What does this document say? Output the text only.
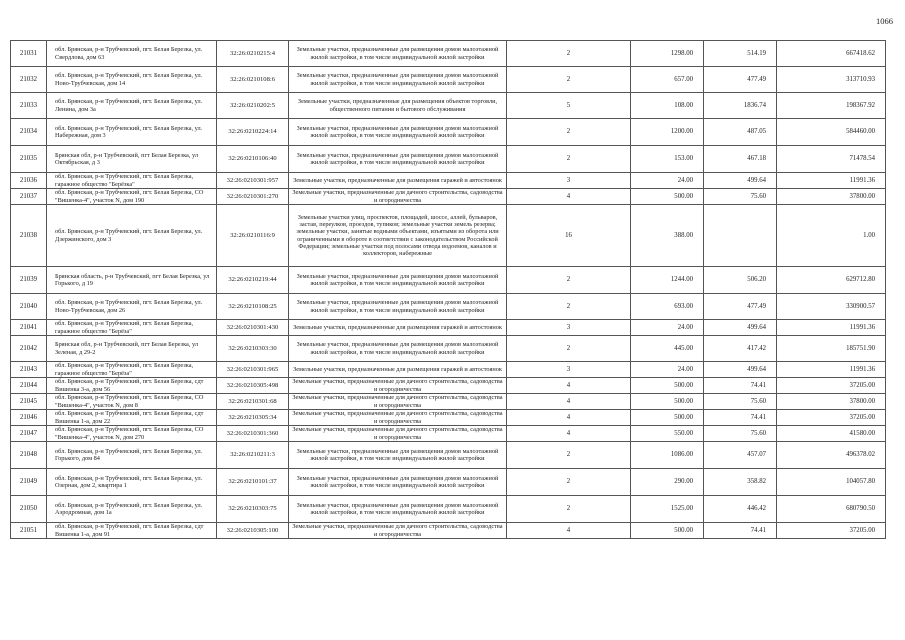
1066
21031	обл. Брянская, р-н Трубчевский, пгт. Белая Березка, ул. Свердлова, дом 63	32:26:0210215:4	Земельные участки, предназначенные для размещения домов малоэтажной жилой застройки, в том числе индивидуальной жилой застройки	2	1298.00	514.19	667418.62
21032	обл. Брянская, р-н Трубчевский, пгт. Белая Березка, ул. Ново-Трубчевская, дом 14	32:26:0210108:6	Земельные участки, предназначенные для размещения домов малоэтажной жилой застройки, в том числе индивидуальной жилой застройки	2	657.00	477.49	313710.93
21033	обл. Брянская, р-н Трубчевский, пгт. Белая Березка, ул. Ленина, дом 3а	32:26:0210202:5	Земельные участки, предназначенные для размещения объектов торговли, общественного питания и бытового обслуживания	5	108.00	1836.74	198367.92
21034	обл. Брянская, р-н Трубчевский, пгт. Белая Березка, ул. Набережная, дом 3	32:26:0210224:14	Земельные участки, предназначенные для размещения домов малоэтажной жилой застройки, в том числе индивидуальной жилой застройки	2	1200.00	487.05	584460.00
21035	Брянская обл, р-н Трубчевский, пгт Белая Березка, ул Октябрьская, д 3	32:26:0210106:40	Земельные участки, предназначенные для размещения домов малоэтажной жилой застройки, в том числе индивидуальной жилой застройки	2	153.00	467.18	71478.54
21036	обл. Брянская, р-н Трубчевский, пгт. Белая Березка, гаражное общество "Берёзка"	32:26:0210301:957	Земельные участки, предназначенные для размещения гаражей и автостоянок	3	24.00	499.64	11991.36
21037	обл. Брянская, р-н Трубчевский, пгт. Белая Березка, СО "Вишенка-4", участок N, дом 190	32:26:0210301:270	Земельные участки, предназначенные для дачного строительства, садоводства и огородничества	4	500.00	75.60	37800.00
21038	обл. Брянская, р-н Трубчевский, пгт. Белая Березка, ул. Дзержинского, дом 3	32:26:0210116:9	Земельные участки улиц, проспектов, площадей, шоссе, аллей, бульваров, застав, переулков, проездов, тупиков; земельные участки земель резерва; земельные участки, занятые водными объектами, изъятыми из оборота или ограниченными в обороте в соответствии с законодательством Российской Федерации; земельные участки под полосами отвода водоемов, каналов и коллекторов, набережные	16	388.00		1.00
21039	Брянская область, р-н Трубчевский, пгт Белая Березка, ул Горького, д 19	32:26:0210219:44	Земельные участки, предназначенные для размещения домов малоэтажной жилой застройки, в том числе индивидуальной жилой застройки	2	1244.00	506.20	629712.80
21040	обл. Брянская, р-н Трубчевский, пгт. Белая Березка, ул. Ново-Трубчевская, дом 26	32:26:0210108:25	Земельные участки, предназначенные для размещения домов малоэтажной жилой застройки, в том числе индивидуальной жилой застройки	2	693.00	477.49	330900.57
21041	обл. Брянская, р-н Трубчевский, пгт. Белая Березка, гаражное общество "Берёза"	32:26:0210301:430	Земельные участки, предназначенные для размещения гаражей и автостоянок	3	24.00	499.64	11991.36
21042	Брянская обл, р-н Трубчевский, пгт Белая Березка, ул Зеленая, д 29-2	32:26:0210303:30	Земельные участки, предназначенные для размещения домов малоэтажной жилой застройки, в том числе индивидуальной жилой застройки	2	445.00	417.42	185751.90
21043	обл. Брянская, р-н Трубчевский, пгт. Белая Березка, гаражное общество "Берёза"	32:26:0210301:965	Земельные участки, предназначенные для размещения гаражей и автостоянок	3	24.00	499.64	11991.36
21044	обл. Брянская, р-н Трубчевский, пгт. Белая Березка, сдт Вишенка 3-а, дом 56	32:26:0210305:498	Земельные участки, предназначенные для дачного строительства, садоводства и огородничества	4	500.00	74.41	37205.00
21045	обл. Брянская, р-н Трубчевский, пгт. Белая Березка, СО "Вишенка-4", участок N, дом 8	32:26:0210301:68	Земельные участки, предназначенные для дачного строительства, садоводства и огородничества	4	500.00	75.60	37800.00
21046	обл. Брянская, р-н Трубчевский, пгт. Белая Березка, сдт Вишенка 1-а, дом 22	32:26:0210305:34	Земельные участки, предназначенные для дачного строительства, садоводства и огородничества	4	500.00	74.41	37205.00
21047	обл. Брянская, р-н Трубчевский, пгт. Белая Березка, СО "Вишенка-4", участок N, дом 270	32:26:0210301:360	Земельные участки, предназначенные для дачного строительства, садоводства и огородничества	4	550.00	75.60	41580.00
21048	обл. Брянская, р-н Трубчевский, пгт. Белая Березка, ул. Горького, дом 84	32:26:0210211:3	Земельные участки, предназначенные для размещения домов малоэтажной жилой застройки, в том числе индивидуальной жилой застройки	2	1086.00	457.07	496378.02
21049	обл. Брянская, р-н Трубчевский, пгт. Белая Березка, ул. Озерная, дом 2, квартира 1	32:26:0210101:37	Земельные участки, предназначенные для размещения домов малоэтажной жилой застройки, в том числе индивидуальной жилой застройки	2	290.00	358.82	104057.80
21050	обл. Брянская, р-н Трубчевский, пгт. Белая Березка, ул. Аэродромная, дом 1а	32:26:0210303:75	Земельные участки, предназначенные для размещения домов малоэтажной жилой застройки, в том числе индивидуальной жилой застройки	2	1525.00	446.42	680790.50
21051	обл. Брянская, р-н Трубчевский, пгт. Белая Березка, сдт Вишенка 1-а, дом 91	32:26:0210305:100	Земельные участки, предназначенные для дачного строительства, садоводства и огородничества	4	500.00	74.41	37205.00
